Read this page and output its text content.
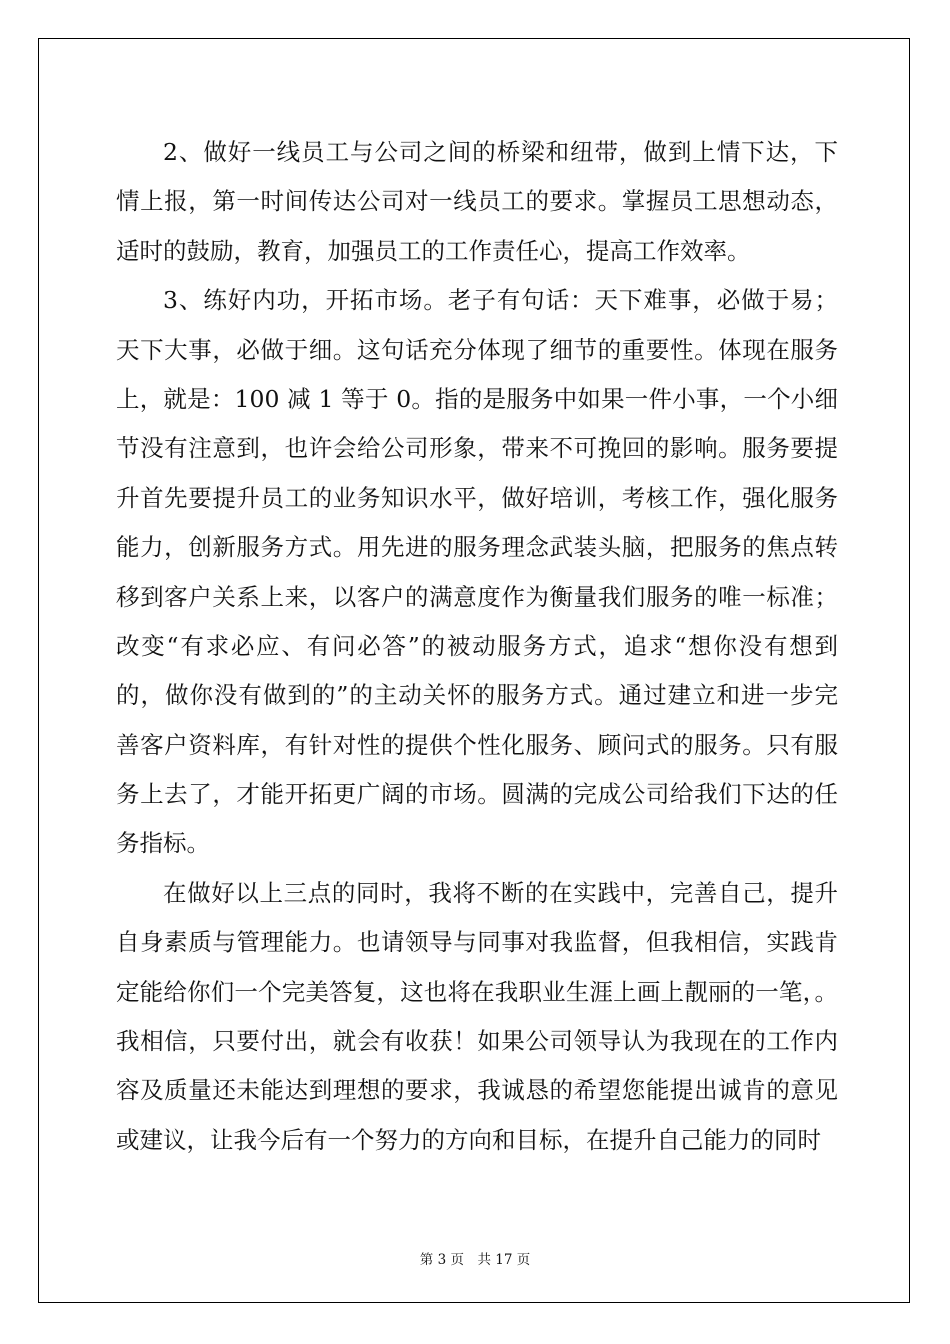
2、做好一线员工与公司之间的桥梁和纽带，做到上情下达，下
情上报，第一时间传达公司对一线员工的要求。掌握员工思想动态，
适时的鼓励，教育，加强员工的工作责任心，提高工作效率。
3、练好内功，开拓市场。老子有句话：天下难事，必做于易；
天下大事，必做于细。这句话充分体现了细节的重要性。体现在服务
上，就是：100 减 1 等于 0。指的是服务中如果一件小事，一个小细
节没有注意到，也许会给公司形象，带来不可挽回的影响。服务要提
升首先要提升员工的业务知识水平，做好培训，考核工作，强化服务
能力，创新服务方式。用先进的服务理念武装头脑，把服务的焦点转
移到客户关系上来，以客户的满意度作为衡量我们服务的唯一标准；
改变“有求必应、有问必答”的被动服务方式，追求“想你没有想到
的，做你没有做到的”的主动关怀的服务方式。通过建立和进一步完
善客户资料库，有针对性的提供个性化服务、顾问式的服务。只有服
务上去了，才能开拓更广阔的市场。圆满的完成公司给我们下达的任
务指标。
在做好以上三点的同时，我将不断的在实践中，完善自己，提升
自身素质与管理能力。也请领导与同事对我监督，但我相信，实践肯
定能给你们一个完美答复，这也将在我职业生涯上画上靓丽的一笔，。
我相信，只要付出，就会有收获！如果公司领导认为我现在的工作内
容及质量还未能达到理想的要求，我诚恳的希望您能提出诚肯的意见
或建议，让我今后有一个努力的方向和目标，在提升自己能力的同时
第 3 页　共 17 页
